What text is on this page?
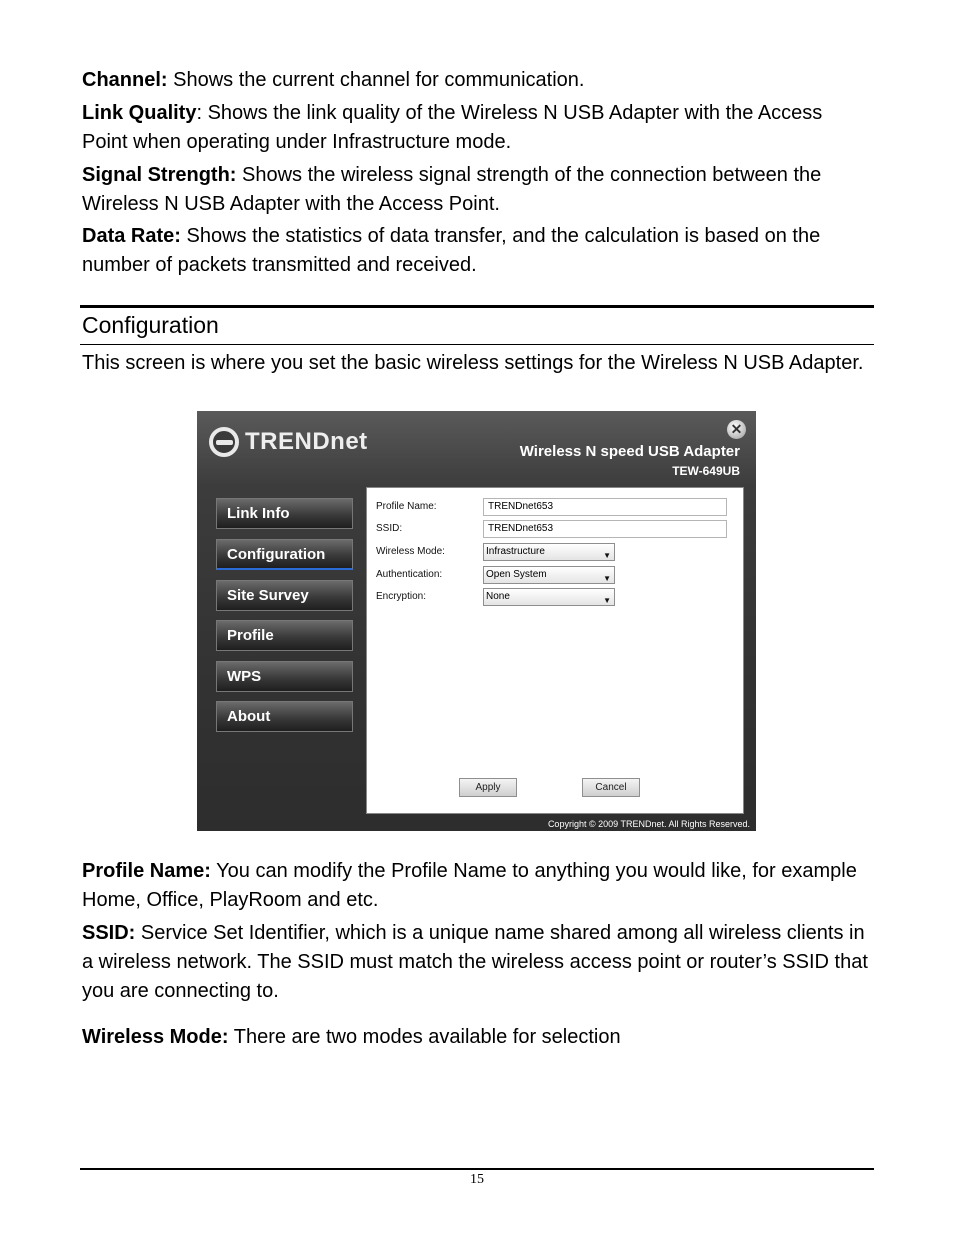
Channel: Shows the current channel for communication.
Link Quality: Shows the link quality of the Wireless N USB Adapter with the Access Point when operating under Infrastructure mode.
Signal Strength: Shows the wireless signal strength of the connection between the Wireless N USB Adapter with the Access Point.
Data Rate: Shows the statistics of data transfer, and the calculation is based on the number of packets transmitted and received.
Configuration
This screen is where you set the basic wireless settings for the Wireless N USB Adapter.
TRENDnet	✕
Wireless N speed USB Adapter
TEW-649UB
Link Info
Configuration
Site Survey
Profile
WPS
About
Profile Name:	TRENDnet653
SSID:	TRENDnet653
Wireless Mode:	Infrastructure	▼
Authentication:	Open System	▼
Encryption:	None	▼
Apply	Cancel
Copyright © 2009 TRENDnet. All Rights Reserved.
Profile Name: You can modify the Profile Name to anything you would like, for example Home, Office, PlayRoom and etc.
SSID: Service Set Identifier, which is a unique name shared among all wireless clients in a wireless network. The SSID must match the wireless access point or router’s SSID that you are connecting to.
Wireless Mode: There are two modes available for selection
15
